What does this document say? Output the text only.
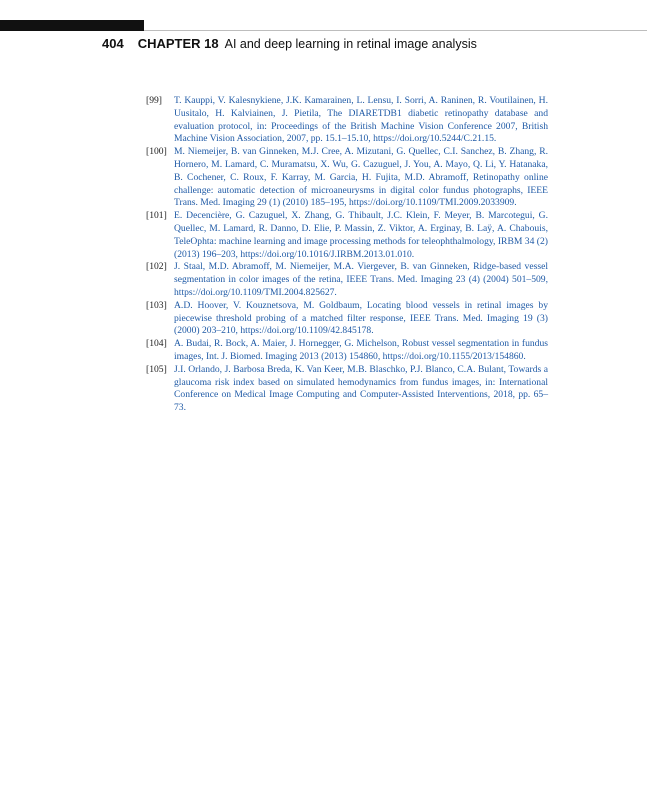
404 CHAPTER 18 AI and deep learning in retinal image analysis
[99]	T. Kauppi, V. Kalesnykiene, J.K. Kamarainen, L. Lensu, I. Sorri, A. Raninen, R. Voutilainen, H. Uusitalo, H. Kalviainen, J. Pietila, The DIARETDB1 diabetic retinopathy database and evaluation protocol, in: Proceedings of the British Machine Vision Conference 2007, British Machine Vision Association, 2007, pp. 15.1–15.10, https://doi.org/10.5244/C.21.15.
[100] M. Niemeijer, B. van Ginneken, M.J. Cree, A. Mizutani, G. Quellec, C.I. Sanchez, B. Zhang, R. Hornero, M. Lamard, C. Muramatsu, X. Wu, G. Cazuguel, J. You, A. Mayo, Q. Li, Y. Hatanaka, B. Cochener, C. Roux, F. Karray, M. Garcia, H. Fujita, M.D. Abramoff, Retinopathy online challenge: automatic detection of microaneurysms in digital color fundus photographs, IEEE Trans. Med. Imaging 29 (1) (2010) 185–195, https://doi.org/10.1109/TMI.2009.2033909.
[101] E. Decencière, G. Cazuguel, X. Zhang, G. Thibault, J.C. Klein, F. Meyer, B. Marcotegui, G. Quellec, M. Lamard, R. Danno, D. Elie, P. Massin, Z. Viktor, A. Erginay, B. Laÿ, A. Chabouis, TeleOphta: machine learning and image processing methods for teleophthalmology, IRBM 34 (2) (2013) 196–203, https://doi.org/10.1016/J.IRBM.2013.01.010.
[102] J. Staal, M.D. Abramoff, M. Niemeijer, M.A. Viergever, B. van Ginneken, Ridge-based vessel segmentation in color images of the retina, IEEE Trans. Med. Imaging 23 (4) (2004) 501–509, https://doi.org/10.1109/TMI.2004.825627.
[103] A.D. Hoover, V. Kouznetsova, M. Goldbaum, Locating blood vessels in retinal images by piecewise threshold probing of a matched filter response, IEEE Trans. Med. Imaging 19 (3) (2000) 203–210, https://doi.org/10.1109/42.845178.
[104] A. Budai, R. Bock, A. Maier, J. Hornegger, G. Michelson, Robust vessel segmentation in fundus images, Int. J. Biomed. Imaging 2013 (2013) 154860, https://doi.org/10.1155/2013/154860.
[105] J.I. Orlando, J. Barbosa Breda, K. Van Keer, M.B. Blaschko, P.J. Blanco, C.A. Bulant, Towards a glaucoma risk index based on simulated hemodynamics from fundus images, in: International Conference on Medical Image Computing and Computer-Assisted Interventions, 2018, pp. 65–73.
